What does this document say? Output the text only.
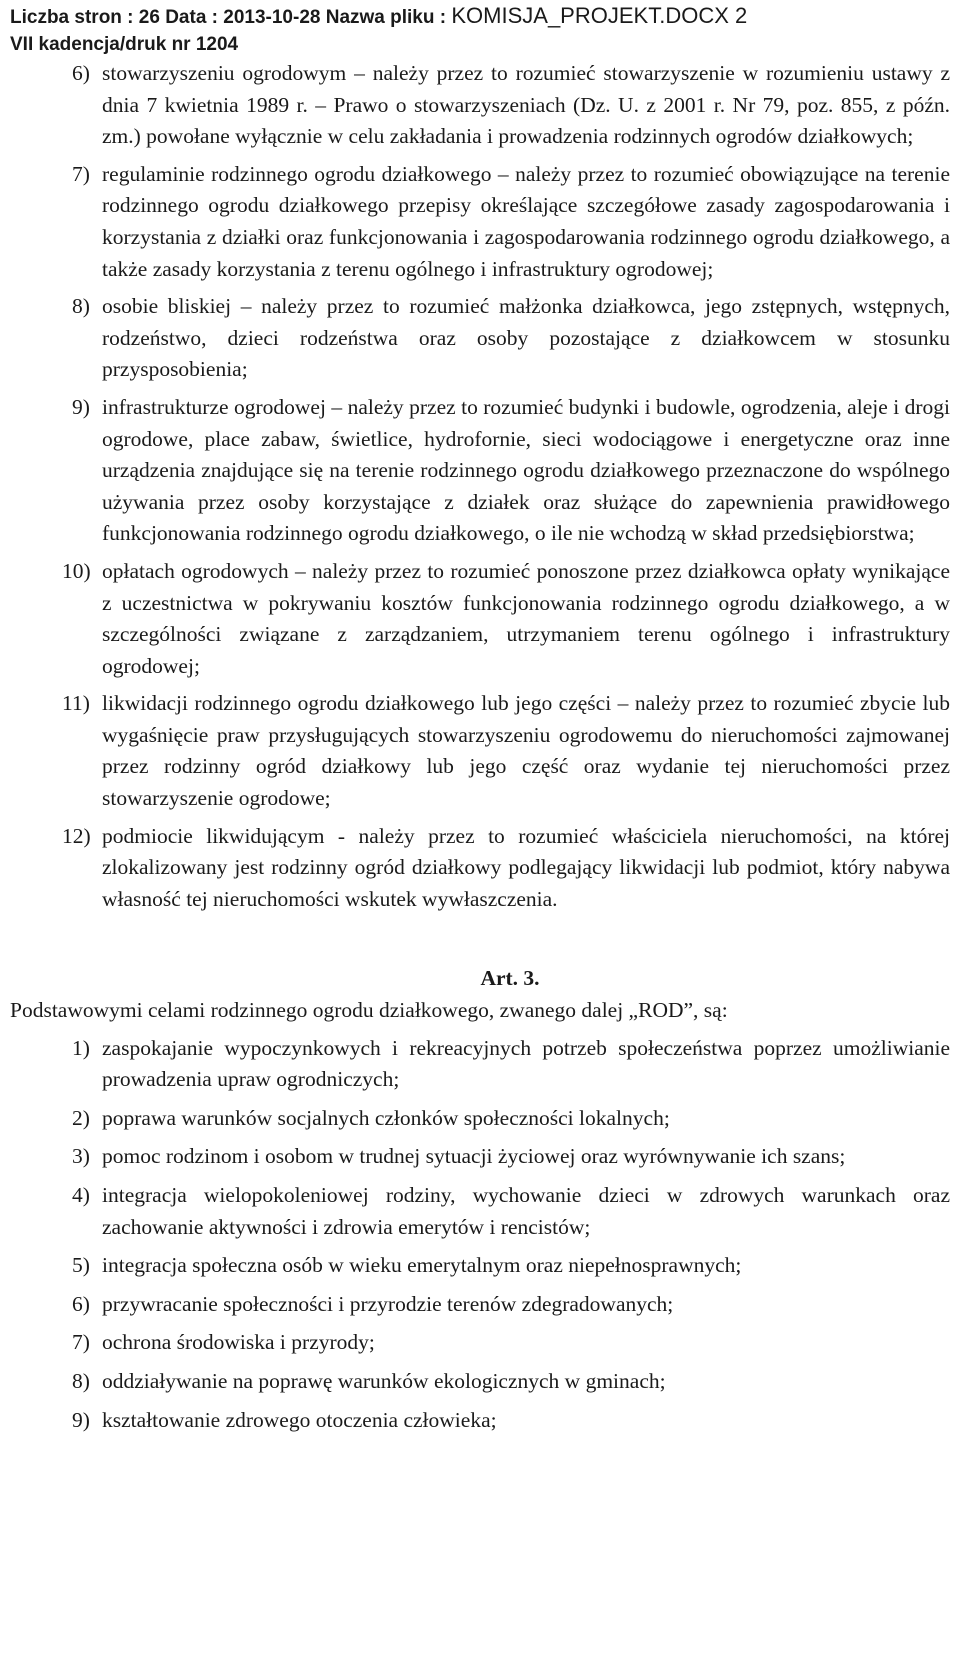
Liczba stron : 26 Data : 2013-10-28 Nazwa pliku : KOMISJA_PROJEKT.DOCX 2
VII kadencja/druk nr 1204
6) stowarzyszeniu ogrodowym – należy przez to rozumieć stowarzyszenie w rozumieniu ustawy z dnia 7 kwietnia 1989 r. – Prawo o stowarzyszeniach (Dz. U. z 2001 r. Nr 79, poz. 855, z późn. zm.) powołane wyłącznie w celu zakładania i prowadzenia rodzinnych ogrodów działkowych;
7) regulaminie rodzinnego ogrodu działkowego – należy przez to rozumieć obowiązujące na terenie rodzinnego ogrodu działkowego przepisy określające szczegółowe zasady zagospodarowania i korzystania z działki oraz funkcjonowania i zagospodarowania rodzinnego ogrodu działkowego, a także zasady korzystania z terenu ogólnego i infrastruktury ogrodowej;
8) osobie bliskiej – należy przez to rozumieć małżonka działkowca, jego zstępnych, wstępnych, rodzeństwo, dzieci rodzeństwa oraz osoby pozostające z działkowcem w stosunku przysposobienia;
9) infrastrukturze ogrodowej – należy przez to rozumieć budynki i budowle, ogrodzenia, aleje i drogi ogrodowe, place zabaw, świetlice, hydrofornie, sieci wodociągowe i energetyczne oraz inne urządzenia znajdujące się na terenie rodzinnego ogrodu działkowego przeznaczone do wspólnego używania przez osoby korzystające z działek oraz służące do zapewnienia prawidłowego funkcjonowania rodzinnego ogrodu działkowego, o ile nie wchodzą w skład przedsiębiorstwa;
10) opłatach ogrodowych – należy przez to rozumieć ponoszone przez działkowca opłaty wynikające z uczestnictwa w pokrywaniu kosztów funkcjonowania rodzinnego ogrodu działkowego, a w szczególności związane z zarządzaniem, utrzymaniem terenu ogólnego i infrastruktury ogrodowej;
11) likwidacji rodzinnego ogrodu działkowego lub jego części – należy przez to rozumieć zbycie lub wygaśnięcie praw przysługujących stowarzyszeniu ogrodowemu do nieruchomości zajmowanej przez rodzinny ogród działkowy lub jego część oraz wydanie tej nieruchomości przez stowarzyszenie ogrodowe;
12) podmiocie likwidującym - należy przez to rozumieć właściciela nieruchomości, na której zlokalizowany jest rodzinny ogród działkowy podlegający likwidacji lub podmiot, który nabywa własność tej nieruchomości wskutek wywłaszczenia.
Art. 3.
Podstawowymi celami rodzinnego ogrodu działkowego, zwanego dalej „ROD”, są:
1) zaspokajanie wypoczynkowych i rekreacyjnych potrzeb społeczeństwa poprzez umożliwianie prowadzenia upraw ogrodniczych;
2) poprawa warunków socjalnych członków społeczności lokalnych;
3) pomoc rodzinom i osobom w trudnej sytuacji życiowej oraz wyrównywanie ich szans;
4) integracja wielopokoleniowej rodziny, wychowanie dzieci w zdrowych warunkach oraz zachowanie aktywności i zdrowia emerytów i rencistów;
5) integracja społeczna osób w wieku emerytalnym oraz niepełnosprawnych;
6) przywracanie społeczności i przyrodzie terenów zdegradowanych;
7) ochrona środowiska i przyrody;
8) oddziaływanie na poprawę warunków ekologicznych w gminach;
9) kształtowanie zdrowego otoczenia człowieka;
